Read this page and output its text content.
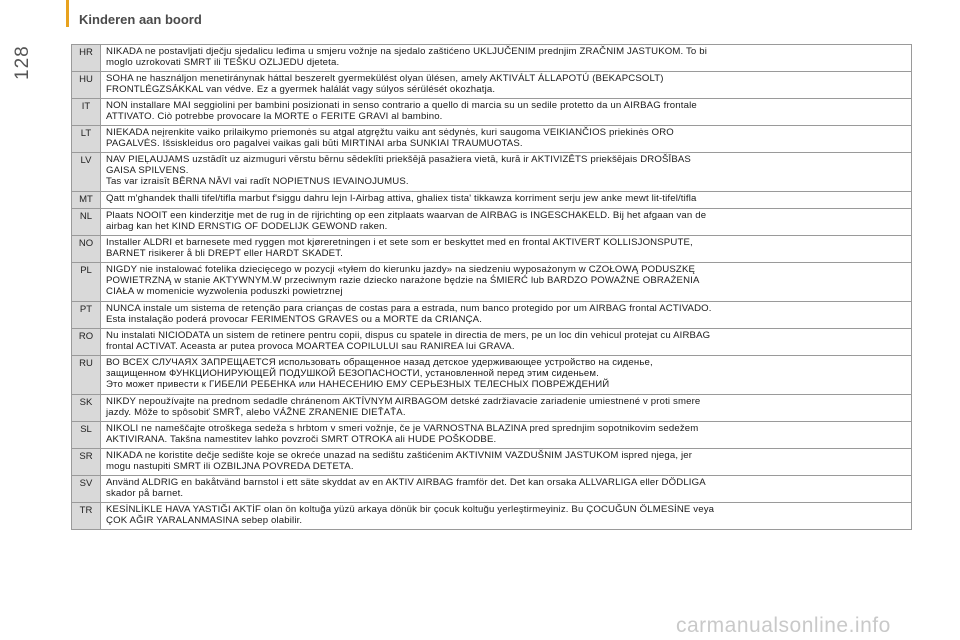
Kinderen aan boord
128	HR	NIKADA ne postavljati dječju sjedalicu leđima u smjeru vožnje na sjedalo zaštićeno UKLJUČENIM prednjim ZRAČNIM JASTUKOM. To bi
moglo uzrokovati SMRT ili TEŠKU OZLJEDU djeteta.

HU	SOHA ne használjon menetiránynak háttal beszerelt gyermekülést olyan ülésen, amely AKTIVÁLT ÁLLAPOTÚ (BEKAPCSOLT)
FRONTLÉGZSÁKKAL van védve. Ez a gyermek halálát vagy súlyos sérülését okozhatja.

IT	NON installare MAI seggiolini per bambini posizionati in senso contrario a quello di marcia su un sedile protetto da un AIRBAG frontale
ATTIVATO. Ciò potrebbe provocare la MORTE o FERITE GRAVI al bambino.

LT	NIEKADA neįrenkite vaiko prilaikymo priemonės su atgal atgręžtu vaiku ant sėdynės, kuri saugoma VEIKIANČIOS priekinės ORO
PAGALVĖS. Išsiskleidus oro pagalvei vaikas gali būti MIRTINAI arba SUNKIAI TRAUMUOTAS.

LV	NAV PIEĻAUJAMS uzstādīt uz aizmuguri vērstu bērnu sēdeklīti priekšējā pasažiera vietā, kurā ir AKTIVIZĒTS priekšējais DROŠĪBAS
GAISA SPILVENS.
Tas var izraisīt BĒRNA NĀVI vai radīt NOPIETNUS IEVAINOJUMUS.

MT	Qatt m'ghandek thalli tifel/tifla marbut f'siggu dahru lejn l-Airbag attiva, ghaliex tista' tikkawza korriment serju jew anke mewt lit-tifel/tifla

NL	Plaats NOOIT een kinderzitje met de rug in de rijrichting op een zitplaats waarvan de AIRBAG is INGESCHAKELD. Bij het afgaan van de
airbag kan het KIND ERNSTIG OF DODELIJK GEWOND raken.

NO	Installer ALDRI et barnesete med ryggen mot kjøreretningen i et sete som er beskyttet med en frontal AKTIVERT KOLLISJONSPUTE,
BARNET risikerer å bli DREPT eller HARDT SKADET.

PL	NIGDY nie instalować fotelika dziecięcego w pozycji «tyłem do kierunku jazdy» na siedzeniu wyposażonym w CZOŁOWĄ PODUSZKĘ
POWIETRZNĄ w stanie AKTYWNYM.W przeciwnym razie dziecko narażone będzie na ŚMIERĆ lub BARDZO POWAŻNE OBRAŻENIA
CIAŁA w momenicie wyzwolenia poduszki powietrznej

PT	NUNCA instale um sistema de retenção para crianças de costas para a estrada, num banco protegido por um AIRBAG frontal ACTIVADO.
Esta instalação poderá provocar FERIMENTOS GRAVES ou a MORTE da CRIANÇA.

RO	Nu instalati NICIODATA un sistem de retinere pentru copii, dispus cu spatele in directia de mers, pe un loc din vehicul protejat cu AIRBAG
frontal ACTIVAT. Aceasta ar putea provoca MOARTEA COPILULUI sau RANIREA lui GRAVA.

RU	ВО ВСЕХ СЛУЧАЯХ ЗАПРЕЩАЕТСЯ использовать обращенное назад детское удерживающее устройство на сиденье,
защищенном ФУНКЦИОНИРУЮЩЕЙ ПОДУШКОЙ БЕЗОПАСНОСТИ, установленной перед этим сиденьем.
Это может привести к ГИБЕЛИ РЕБЕНКА или НАНЕСЕНИЮ ЕМУ СЕРЬЕЗНЫХ ТЕЛЕСНЫХ ПОВРЕЖДЕНИЙ

SK	NIKDY nepoužívajte na prednom sedadle chránenom AKTÍVNYM AIRBAGOM detské zadržiavacie zariadenie umiestnené v proti smere
jazdy. Môže to spôsobiť SMRŤ, alebo VÁŽNE ZRANENIE DIEŤAŤA.

SL	NIKOLI ne nameščajte otroškega sedeža s hrbtom v smeri vožnje, če je VARNOSTNA BLAZINA pred sprednjim sopotnikovim sedežem
AKTIVIRANA. Takšna namestitev lahko povzroči SMRT OTROKA ali HUDE POŠKODBE.

SR	NIKADA ne koristite dečje sedište koje se okreće unazad na sedištu zaštićenim AKTIVNIM VAZDUŠNIM JASTUKOM ispred njega, jer
mogu nastupiti SMRT ili OZBILJNA POVREDA DETETA.

SV	Använd ALDRIG en bakåtvänd barnstol i ett säte skyddat av en AKTIV AIRBAG framför det. Det kan orsaka ALLVARLIGA eller DÖDLIGA
skador på barnet.

TR	KESİNLİKLE HAVA YASTIĞI AKTİF olan ön koltuğa yüzü arkaya dönük bir çocuk koltuğu yerleştirmeyiniz. Bu ÇOCUĞUN ÖLMESİNE veya
ÇOK AĞIR YARALANMASINA sebep olabilir.
carmanualsonline.info
